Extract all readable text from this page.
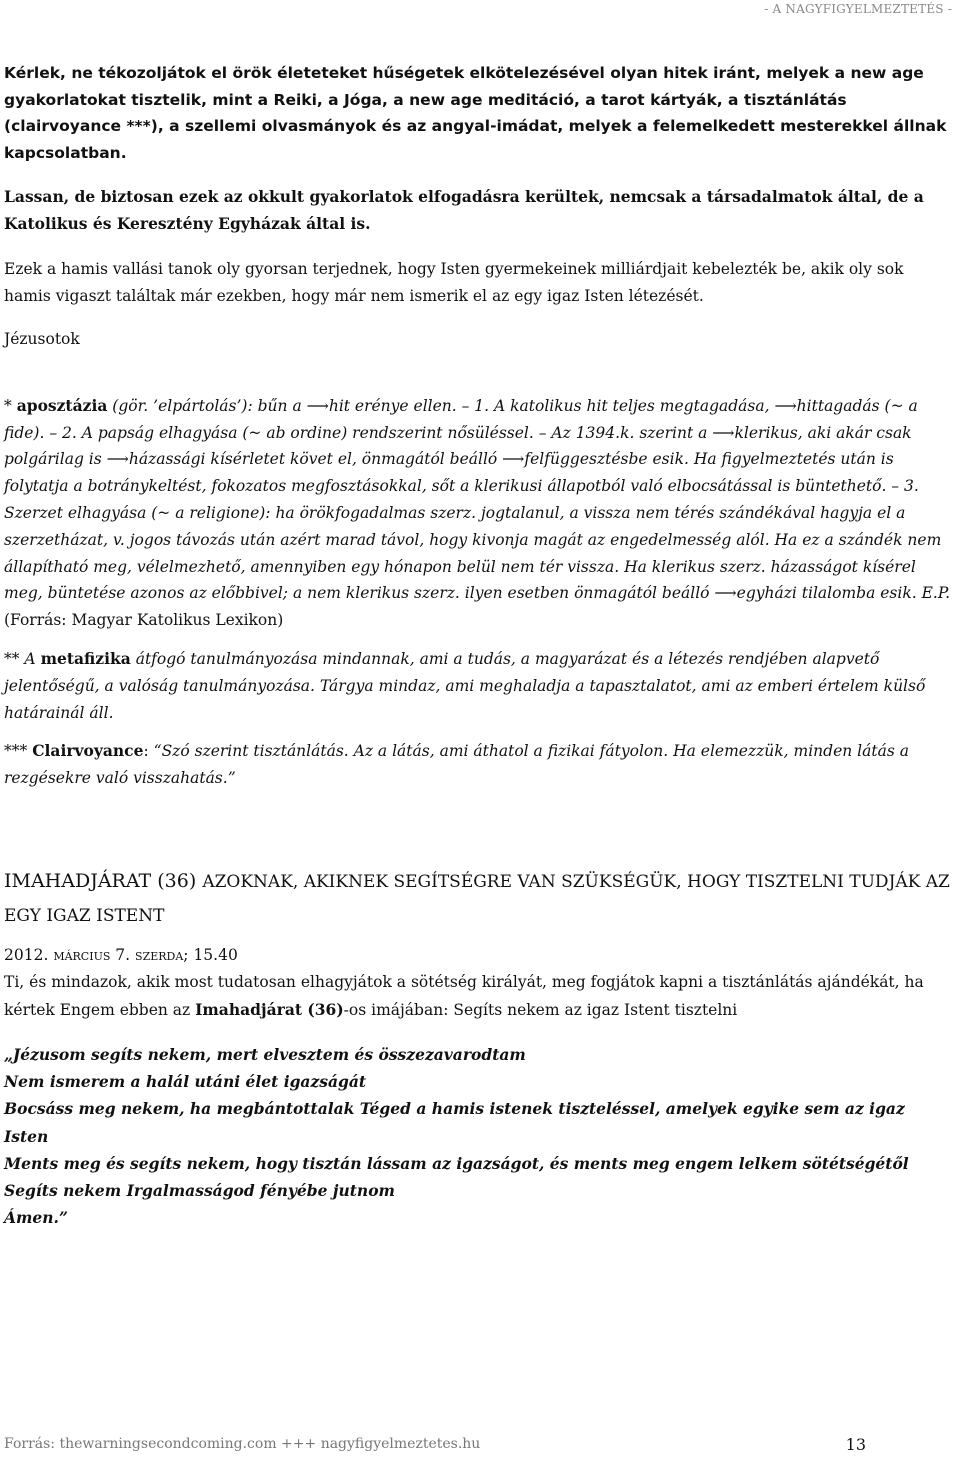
- A NAGYFIGYELMEZTETÉS -

Kérlek, ne tékozoljátok el örök életeteket hűségetek elkötelezésével olyan hitek iránt, melyek a new age gyakorlatokat tisztelik, mint a Reiki, a Jóga, a new age meditáció, a tarot kártyák, a tisztánlátás (clairvoyance ***), a szellemi olvasmányok és az angyal-imádat, melyek a felemelkedett mesterekkel állnak kapcsolatban.

Lassan, de biztosan ezek az okkult gyakorlatok elfogadásra kerültek, nemcsak a társadalmatok által, de a Katolikus és Keresztény Egyházak által is.

Ezek a hamis vallási tanok oly gyorsan terjednek, hogy Isten gyermekeinek milliárdjait kebelezték be, akik oly sok hamis vigaszt találtak már ezekben, hogy már nem ismerik el az egy igaz Isten létezését.

Jézusotok

* aposztázia (gör. ’elpártolás’): bűn a ⟶hit erénye ellen. – 1. A katolikus hit teljes megtagadása, ⟶hittagadás (~ a fide). – 2. A papság elhagyása (~ ab ordine) rendszerint nősüléssel. – Az 1394.k. szerint a ⟶klerikus, aki akár csak polgárilag is ⟶házassági kísérletet követ el, önmagától beálló ⟶felfüggesztésbe esik. Ha figyelmeztetés után is folytatja a botránykeltést, fokozatos megfosztásokkal, sőt a klerikusi állapotból való elbocsátással is büntethető. – 3. Szerzet elhagyása (~ a religione): ha örökfogadalmas szerz. jogtalanul, a vissza nem térés szándékával hagyja el a szerzetházat, v. jogos távozás után azért marad távol, hogy kivonja magát az engedelmesség alól. Ha ez a szándék nem állapítható meg, vélelmezhető, amennyiben egy hónapon belül nem tér vissza. Ha klerikus szerz. házasságot kísérel meg, büntetése azonos az előbbivel; a nem klerikus szerz. ilyen esetben önmagától beálló ⟶egyházi tilalomba esik. E.P.
(Forrás: Magyar Katolikus Lexikon)

** A metafizika átfogó tanulmányozása mindannak, ami a tudás, a magyarázat és a létezés rendjében alapvető jelentőségű, a valóság tanulmányozása. Tárgya mindaz, ami meghaladja a tapasztalatot, ami az emberi értelem külső határainál áll.

*** Clairvoyance: “Szó szerint tisztánlátás. Az a látás, ami áthatol a fizikai fátyolon. Ha elemezzük, minden látás a rezgésekre való visszahatás.”

IMAHADJÁRAT (36) AZOKNAK, AKIKNEK SEGÍTSÉGRE VAN SZÜKSÉGÜK, HOGY TISZTELNI TUDJÁK AZ EGY IGAZ ISTENT

2012. MÁRCIUS 7. SZERDA; 15.40

Ti, és mindazok, akik most tudatosan elhagyjátok a sötétség királyát, meg fogjátok kapni a tisztánlátás ajándékát, ha kértek Engem ebben az Imahadjárat (36)-os imájában: Segíts nekem az igaz Istent tisztelni

„Jézusom segíts nekem, mert elvesztem és összezavarodtam
Nem ismerem a halál utáni élet igazságát
Bocsáss meg nekem, ha megbántottalak Téged a hamis istenek tiszteléssel, amelyek egyike sem az igaz Isten
Ments meg és segíts nekem, hogy tisztán lássam az igazságot, és ments meg engem lelkem sötétségétől
Segíts nekem Irgalmasságod fényébe jutnom
Ámen.”
Forrás: thewarningsecondcoming.com +++ nagyfigyelmeztetes.hu	13
